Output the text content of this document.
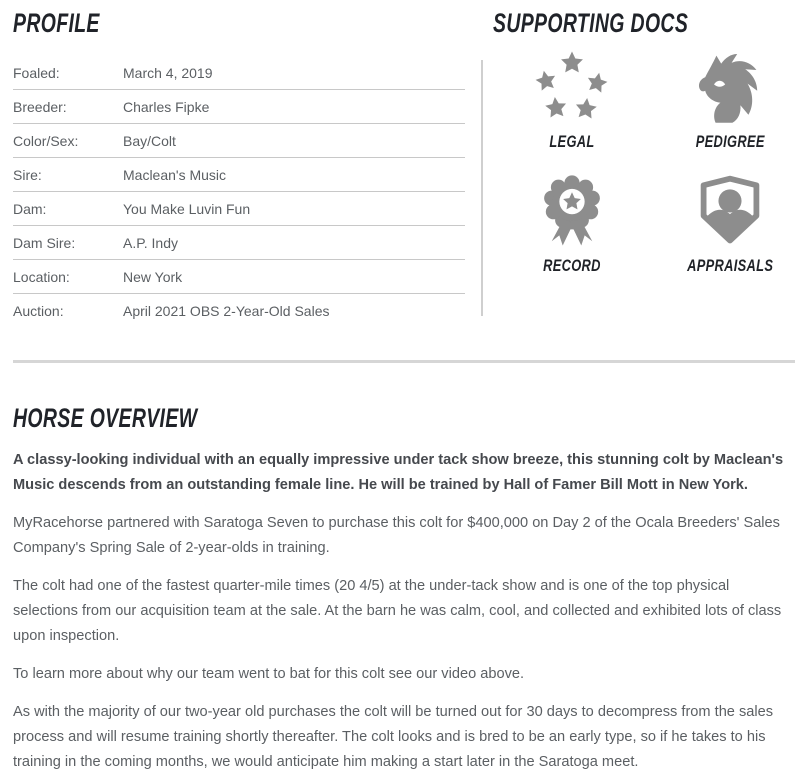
PROFILE
Foaled:	March 4, 2019
Breeder:	Charles Fipke
Color/Sex:	Bay/Colt
Sire:	Maclean's Music
Dam:	You Make Luvin Fun
Dam Sire:	A.P. Indy
Location:	New York
Auction:	April 2021 OBS 2-Year-Old Sales
SUPPORTING DOCS
LEGAL	PEDIGREE
RECORD	APPRAISALS
HORSE OVERVIEW

A classy-looking individual with an equally impressive under tack show breeze, this stunning colt by Maclean's Music descends from an outstanding female line. He will be trained by Hall of Famer Bill Mott in New York.

MyRacehorse partnered with Saratoga Seven to purchase this colt for $400,000 on Day 2 of the Ocala Breeders' Sales Company's Spring Sale of 2-year-olds in training.

The colt had one of the fastest quarter-mile times (20 4/5) at the under-tack show and is one of the top physical selections from our acquisition team at the sale. At the barn he was calm, cool, and collected and exhibited lots of class upon inspection.

To learn more about why our team went to bat for this colt see our video above.

As with the majority of our two-year old purchases the colt will be turned out for 30 days to decompress from the sales process and will resume training shortly thereafter. The colt looks and is bred to be an early type, so if he takes to his training in the coming months, we would anticipate him making a start later in the Saratoga meet.
